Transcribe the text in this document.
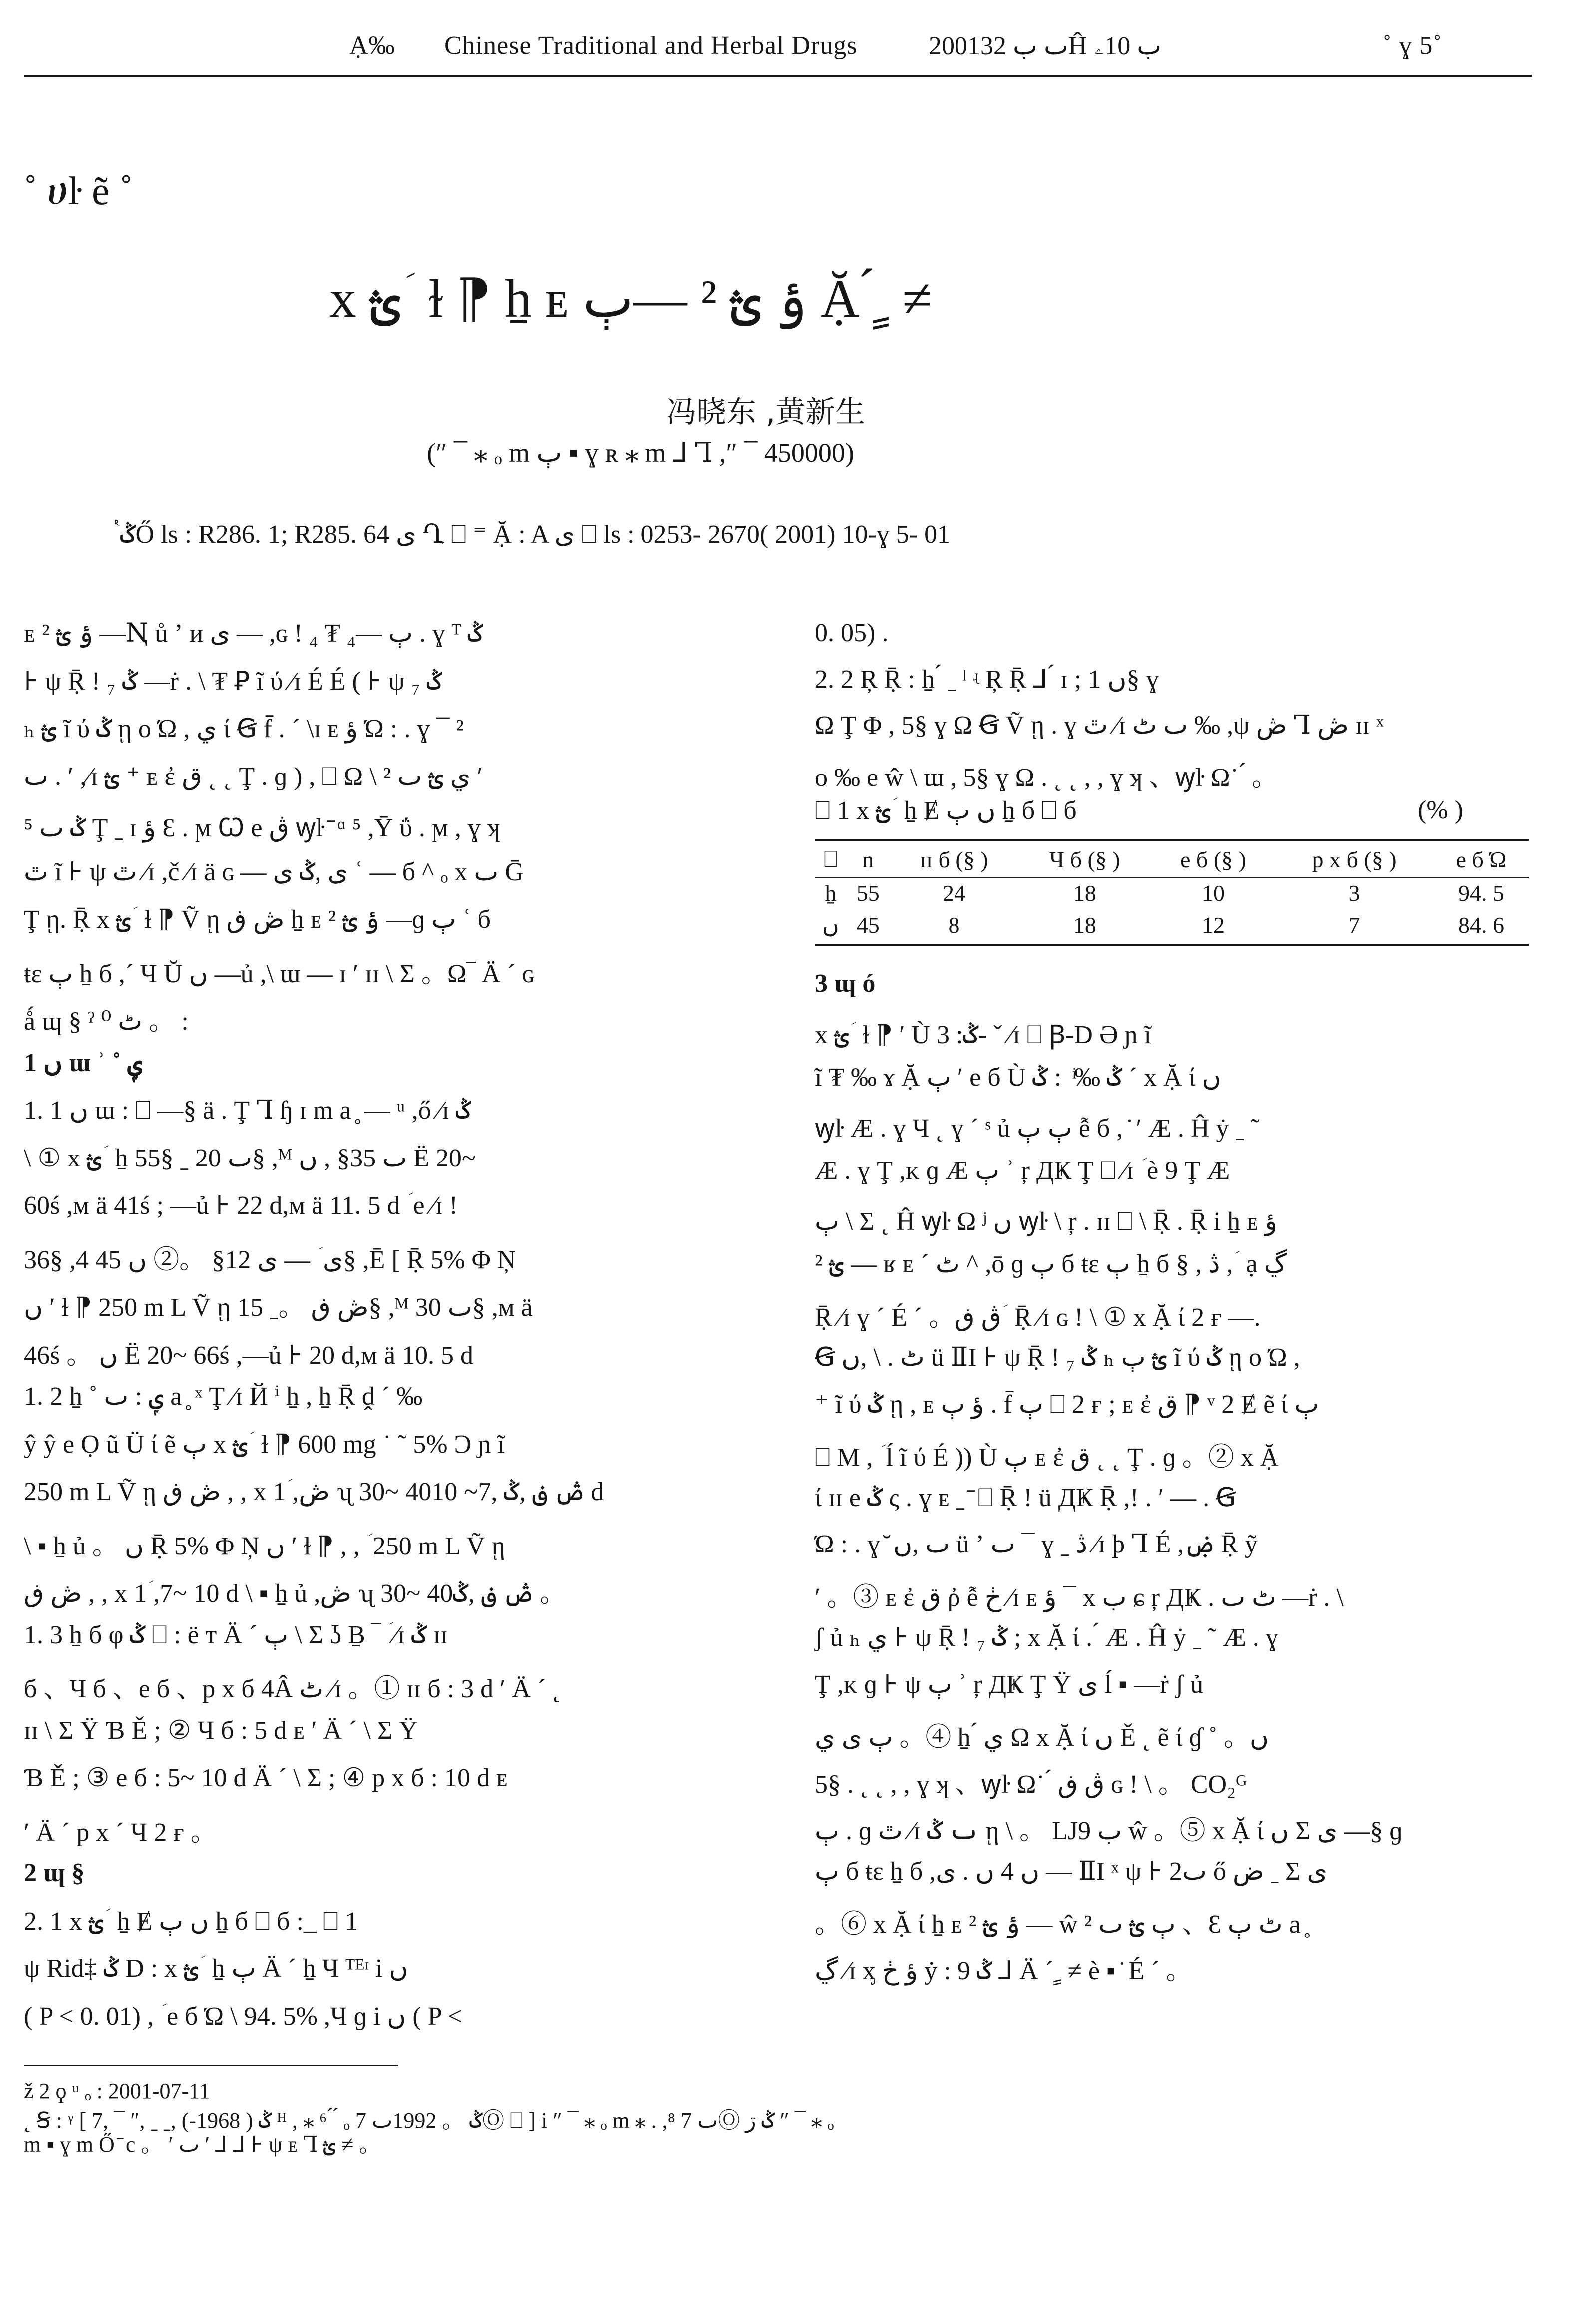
Ạ‰ Chinese Traditional and Herbal Drugs	2001ٮ ب 32Ĥ ب 10ۦ	˚ ɣ 5˚
˚ ሀŀ ẽ ˚
x ؿ ؘ ɫ ⁋ ẖ ᴇ ؤ ؿ ² —ٻ Ặ ́ ٍ ≠
冯晓东 ,黄新生
(″ ¯ ⁎ ₒ m ٻ ▪ ɣ ʀ ⁎ m ⅃ Ꞁ ,″ ¯ 450000)
ٝ ݣŐ ls : R286. 1; R285. 64 ى Ղ ⎕ ⁼ Ặ : A ى ⎕ ls : 0253- 2670( 2001) 10-ɣ 5- 01
ᴇ ؤ ؿ ² —Ꞑ ů ʼ и ى — ,ɢ ! ٻ —₄ ₮ ₄ . ɣ ᵀ ݣ
⊦ ψ Ṝ ! ₇ ݣ —ṙ . \ ₮ Ꝑ ĩ ύ ⁄ɪ É É ( ⊦ ψ ₇ ݣ
ₕ ؿ ĩ ύ ݣ ῃ o Ώ , ي ί Ꞡ f̄ . ´ \ɪ ᴇ ؤ Ώ : . ɣ ¯ ²
ٮ . ʹ ,⁄ɪ ؿ ⁺ ᴇ ἐ ق ˛ ˛ Ţ . ɡ ) , ⎕ Ω \ ي ؿ ٮ ² ʹ
ݣ ٮ ⁵ Ţ ˍ ɪ ؤ Ɛ . ϻ Ꞷ e ڨ ꝡŀ ̄ ᵅ ⁵ ,Ȳ ΰ . ϻ , ɣ ʞ
ٿ ĩ ⊦ ψ ٿ ⁄ɪ ,č ⁄ɪ ä ɢ — ى ,ݣ ى ʿ — б ^ ₒ x ٮ Ḡ
Ţ ῃ. Ṝ x ؿ ؘ ɫ ⁋ Ṽ ῃ ڞ ڧ ẖ ᴇ ؤ ؿ ² —ɡ ٻ ʿ б
ŧɛ ٻ ẖ б ,´ Ч Ŭ ں —ủ ,\ ɯ — ɪ ʹ ɪɪ \ Σ 。Ω‾ Ä ´ ɢ
ǻ ɰ § ˀ ٹ ⁰ 。 :
1 ں ɯ ʾ ˚ ݷ
1. 1 ں ɯ : ⎕ —§ ä . Ţ Ꞁ ɧ ɪ m a ̥ — ᵘ ,ő ⁄ɪ ݣ
\ ① x ؿ ؘ ẖ 55§ ˍ ٮ 20§ ,ᴹ ٮ 35§ , ں Ë 20~
60ś ,ᴍ ä 41ś ; —ủ ⊦ 22 d,ᴍ ä 11. 5 d ؘ e ⁄ɪ !
36§ ,4 ى ؘ — ى 12§ 。② ں 45§ ,Ē [ Ṝ 5% Φ Ņ
ں ʹ ɫ ⁋ 250 m L Ṽ ῃ ڞ ڧ 。ˍ 15§ ,ᴹ ٮ 30§ ,ᴍ ä
46ś 。 ں Ë 20~ 66ś ,—ủ ⊦ 20 d,ᴍ ä 10. 5 d
1. 2 ẖ ˚ ݷ : ٮ a ̥ ˣ Ţ ⁄ɪ Й ⁱ ẖ , ẖ Ṝ ḓ ´ ‰
ŷ ŷ e Ọ ũ Ü ί ẽ ٻ x ؿ ؘ ɫ ⁋ 600 mg ˙ ˜ 5% Ͻ ɲ ĩ
250 m L Ṽ ῃ ڞ ڧ , , x 1ؘ ,ڞ ʯ 30~ 40ڞ ڧ ,ݣ ,7~ 10 d
\ ▪ ẖ ủ 。 ں Ṝ 5% Φ Ņ ں ʹ ɫ ⁋ , , ؘ 250 m L Ṽ ῃ
ڞ ڧ , , x 1ؘ ,7~ 10 d \ ▪ ẖ ủ ,ڞ ʯ 30~ 40ڞ ڧ ,ݣ 。
1. 3 ẖ б φ ݣ ⎕ : ë ᴛ Ä ´ ٻ \ Σ ʖ Ḇ ‾ ؘ ⁄ɪ ݣ ɪɪ
б 、Ч б 、e б 、p x б 4Â ٹ ⁄ɪ 。① ɪɪ б : 3 d ʹ Ä ´ ˛
ɪɪ \ Σ Ÿ Ɓ Ě ; ② Ч б : 5 d ᴇ ʹ Ä ´ \ Σ Ÿ
Ɓ Ě ; ③ e б : 5~ 10 d Ä ´ \ Σ ; ④ p x б : 10 d ᴇ
ʹ Ä ´ p x ´ Ч 2 ғ 。
2 ɰ §
2. 1 x ؿ ؘ ẖ Ɇ ں ٻ ẖ б ⎕ б :_ ⎕ 1
ψ Rid‡ ݣ D : x ؿ ؘ ẖ ٻ Ä ´ ẖ Ч ᵀᴱᶦ i ں
( P < 0. 01) , ؘ e б Ώ \ 94. 5% ,Ч ɡ i ں ( P <
0. 05) .
2. 2 Ŗ Ṝ : ẖ ́ ˍ ˡ ʵ Ŗ Ṝ ⅃ ́ ɪ ; ں 1§ ɣ
Ω Ţ Φ , 5§ ɣ Ω Ꞡ Ṽ ῃ . ɣ ٿ ⁄ɪ ٮ ٹ ‰ ,ψ ڞ Ꞁ ڞ ɪɪ ˣ
o ‰ e ŵ \ ɯ , 5§ ɣ Ω . ˛ ˛ , , ɣ ʞ 、ꝡŀ Ω˙ ́ 。
⎕ 1 x ؿ ؘ ẖ Ɇ ں ٻ ẖ б ⎕ б	(% )
⎕	n	ɪɪ б (§ )	Ч б (§ )	e б (§ )	p x б (§ )	e б Ώ
ẖ	55	24	18	10	3	94. 5
ں	45	8	18	12	7	84. 6
3 ɰ ó
x ؿ ؘ ɫ ⁋ ʹ Ù ݣ: 3- ˇ ⁄ɪ ⎕ Ꞵ-D Ə ɲ ĩ
ĩ ₮ ‰ ɤ Ặ ٻ ʹ e б Ù ݣ ‰ ͥ : ݣ ´ x Ặ ί ں
ꝡŀ Æ . ɣ Ч ˛ ɣ ´ ˢ ủ ٻ ٻ ễ б , ̇ ʹ Æ . Ĥ ẏ ˍ ˜
Æ . ɣ Ţ ,ᴋ ɡ Æ ٻ ʾ ŗ ДҜ Ţ ⎕ ⁄ɪ ؘ è 9 Ţ Æ
ٻ \ Σ ˛ Ĥ ꝡŀ Ω ʲ ں ꝡŀ \ ŗ . ɪɪ ⎕ \ Ṝ . Ṝ i ẖ ᴇ ؤ
ؿ ² — ʁ ᴇ ˊ ٹ ^ ,ō ɡ ٻ б ŧɛ ٻ ẖ б § , ڎ , ؘ ạ ڲ
Ṝ ⁄ɪ ɣ ´ É ´ 。ڨ ڧ ؘ Ṝ ⁄ɪ ɢ ! \ ① x Ặ ί 2 ғ —.
Ꞡ ٹ . \ ,ں ü ⅡI ⊦ ψ Ṝ ! ₇ ݣ ₕ ؿ ٻ ĩ ύ ݣ ῃ o Ώ ,
⁺ ĩ ύ ݣ ῃ , ᴇ ؤ ٻ . f̄ ٻ ⎕ 2 ғ ; ᴇ ἐ ق ⁋ ᵛ 2 Ɇ ẽ ί ٻ
⎕ M , ؘ ĺ ĩ ύ É )) Ù ٻ ᴇ ἐ ق ˛ ˛ Ţ . ɡ 。② x Ặ
ί ɪɪ e ݣ ς . ɣ ᴇ ˍ ̄ ⎕ Ṝ ! ü ДҜ Ṝ ,! . ʹ — . Ꞡ
Ώ : . ɣ ̆ ٮ ,ں ü ʼ ٮ ¯ ɣ ˍ ڎ ⁄ɪ þ Ꞁ É ,ۻ Ṝ ỹ
ʹ 。③ ᴇ ἐ ق ῤ ễ ڂ ⁄ɪ ᴇ ؤ ¯ x ب ɕ ŗ ДҜ . ٹ ٮ —ṙ . \
ʃ ủ ₕ ي ⊦ ψ Ṝ ! ₇ ݣ ; x Ặ ί . ́ Æ . Ĥ ẏ ˍ ˜ Æ . ɣ
Ţ ,ᴋ ɡ ⊦ ψ ٻ ʾ ŗ ДҜ Ţ Ÿ ى ĺ ▪ —ṙ ʃ ủ
ٻ ى ي 。④ ẖ ́ ي Ω x Ặ ί ں Ě ˛ ẽ ί ɠ ˚ 。ں
5§ . ˛ ˛ , , ɣ ʞ 、ꝡŀ Ω˙ ́ ڨ ڧ ɢ ! \ 。 CO₂ᴳ
ٻ . ɡ ٿ ⁄ɪ ٮ ݣ ῃ \ 。 LJ9 ب ŵ 。⑤ x Ặ ί ں Σ ى —§ ɡ
ٻ б ŧɛ ẖ б ,ں 4 ں . ى — ⅡI ˣ ψ ⊦ 2ٮ ő ض ˍ Σ ى
。⑥ x Ặ ί ẖ ᴇ ؤ ؿ ² — ŵ ٻ ؿ ٮ ² 、Ɛ ٹ ٻ a ̥
ڲ ⁄ɪ ᶍ ؤ ڂ ẏ : ݣ 9 ⅃ Ä ´ ٍ ≠ è ▪ ̇ É ´ 。
ž 2 ϙ ᵘ ₒ : 2001-07-11
˛ Ꞩ : ᵞ [ ݣ ( 1968-) ,ˍ ˍ ,″ ¯ ,7 ᴴ , ⁎ ⁶ ́ ́ ₒ ݣ 。 1992ٮ 7Ⓞ ⎕ ] i ″ ¯ ⁎ ₒ m ⁎ . ,⁸ ٮ 7Ⓞ ݣ ڗ ″ ¯ ⁎ ₒ
m ▪ ɣ m Ő ̄ c 。 ʹ ٮ ʹ ⅃ ⅃ ⊦ ψ ᴇ Ꞁ ؿ ≠ 。
